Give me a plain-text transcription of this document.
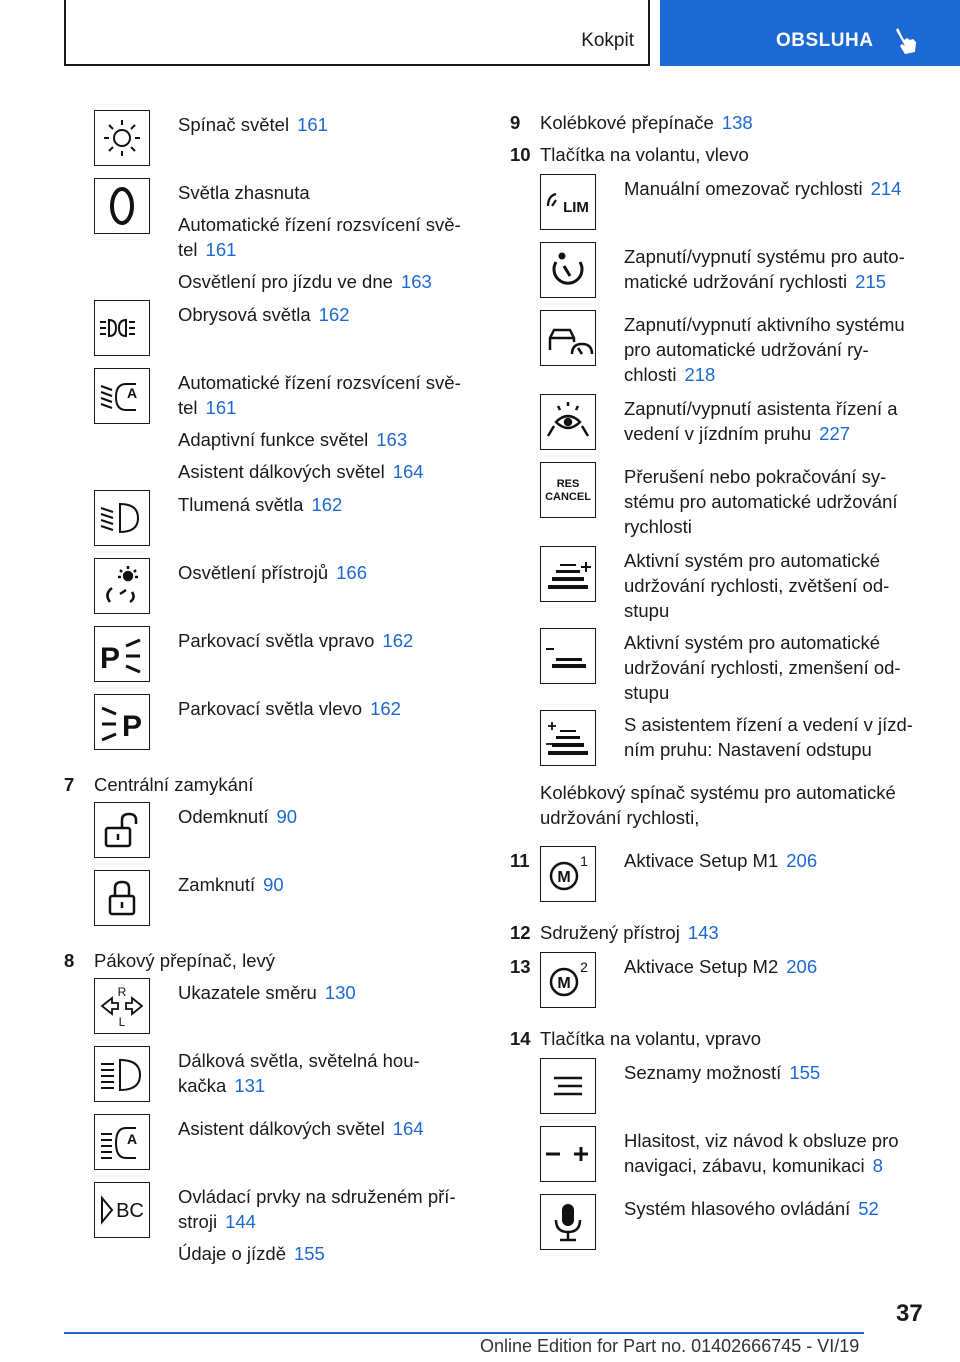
Kokpit	OBSLUHA

Spínač světel 161

Světla zhasnuta

Automatické řízení rozsvícení svě-

tel 161

Osvětlení pro jízdu ve dne 163

Obrysová světla 162

A Automatické řízení rozsvícení svě-

tel 161

Adaptivní funkce světel 163

Asistent dálkových světel 164

Tlumená světla 162

Osvětlení přístrojů 166

P

Parkovací světla vpravo 162

P

Parkovací světla vlevo 162

7	Centrální zamykání

Odemknutí 90

Zamknutí 90

8	Pákový přepínač, levý
R
L

Ukazatele směru 130

Dálková světla, světelná hou-

kačka 131

A Asistent dálkových světel 164

BC

Ovládací prvky na sdruženém pří-

stroji 144

Údaje o jízdě 155

9	Kolébkové přepínače 138
10 Tlačítka na volantu, vlevo
LIM

Manuální omezovač rychlosti 214

Zapnutí/vypnutí systému pro auto-

matické udržování rychlosti 215

Zapnutí/vypnutí aktivního systému

pro automatické udržování ry-

chlosti 218

Zapnutí/vypnutí asistenta řízení a

vedení v jízdním pruhu 227

RES
CANCEL

Přerušení nebo pokračování sy-

stému pro automatické udržování

rychlosti

Aktivní systém pro automatické

udržování rychlosti, zvětšení od-

stupu

Aktivní systém pro automatické

udržování rychlosti, zmenšení od-

stupu

S asistentem řízení a vedení v jízd-

ním pruhu: Nastavení odstupu

Kolébkový spínač systému pro automatické

udržování rychlosti,

11
M
1 Aktivace Setup M1 206

12 Sdružený přístroj 143
13
M
2 Aktivace Setup M2 206

14 Tlačítka na volantu, vpravo

Seznamy možností 155

Hlasitost, viz návod k obsluze pro

navigaci, zábavu, komunikaci 8

Systém hlasového ovládání 52

37
Online Edition for Part no. 01402666745 - VI/19
